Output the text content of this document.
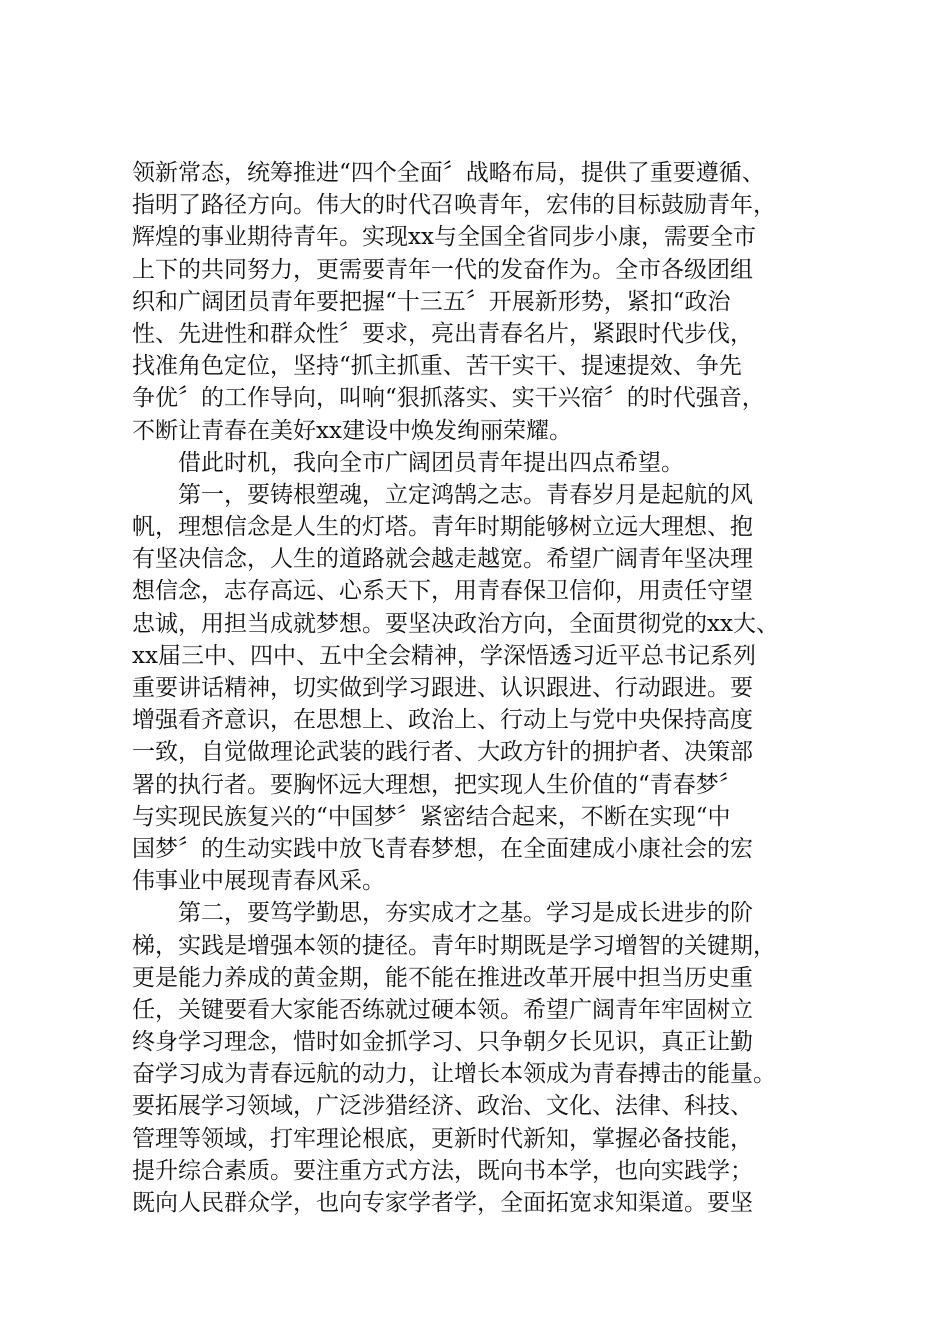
领新常态，统筹推进“四个全面〞战略布局，提供了重要遵循、
指明了路径方向。伟大的时代召唤青年，宏伟的目标鼓励青年，
辉煌的事业期待青年。实现xx与全国全省同步小康，需要全市
上下的共同努力，更需要青年一代的发奋作为。全市各级团组
织和广阔团员青年要把握“十三五〞开展新形势，紧扣“政治
性、先进性和群众性〞要求，亮出青春名片，紧跟时代步伐，
找准角色定位，坚持“抓主抓重、苦干实干、提速提效、争先
争优〞的工作导向，叫响“狠抓落实、实干兴宿〞的时代强音，
不断让青春在美好xx建设中焕发绚丽荣耀。
借此时机，我向全市广阔团员青年提出四点希望。
第一，要铸根塑魂，立定鸿鹄之志。青春岁月是起航的风
帆，理想信念是人生的灯塔。青年时期能够树立远大理想、抱
有坚决信念，人生的道路就会越走越宽。希望广阔青年坚决理
想信念，志存高远、心系天下，用青春保卫信仰，用责任守望
忠诚，用担当成就梦想。要坚决政治方向，全面贯彻党的xx大、
xx届三中、四中、五中全会精神，学深悟透习近平总书记系列
重要讲话精神，切实做到学习跟进、认识跟进、行动跟进。要
增强看齐意识，在思想上、政治上、行动上与党中央保持高度
一致，自觉做理论武装的践行者、大政方针的拥护者、决策部
署的执行者。要胸怀远大理想，把实现人生价值的“青春梦〞
与实现民族复兴的“中国梦〞紧密结合起来，不断在实现“中
国梦〞的生动实践中放飞青春梦想，在全面建成小康社会的宏
伟事业中展现青春风采。
第二，要笃学勤思，夯实成才之基。学习是成长进步的阶
梯，实践是增强本领的捷径。青年时期既是学习增智的关键期，
更是能力养成的黄金期，能不能在推进改革开展中担当历史重
任，关键要看大家能否练就过硬本领。希望广阔青年牢固树立
终身学习理念，惜时如金抓学习、只争朝夕长见识，真正让勤
奋学习成为青春远航的动力，让增长本领成为青春搏击的能量。
要拓展学习领域，广泛涉猎经济、政治、文化、法律、科技、
管理等领域，打牢理论根底，更新时代新知，掌握必备技能，
提升综合素质。要注重方式方法，既向书本学，也向实践学；
既向人民群众学，也向专家学者学，全面拓宽求知渠道。要坚
